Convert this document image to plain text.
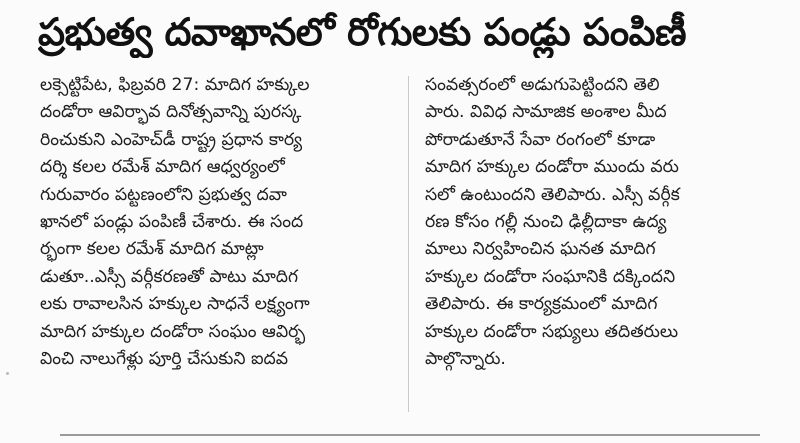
ప్రభుత్వ దవాఖానలో రోగులకు పండ్లు పంపిణీ
లక్సెట్టిపేట, ఫిబ్రవరి 27: మాదిగ హక్కుల
దండోరా ఆవిర్భావ దినోత్సవాన్ని పురస్క
రించుకుని ఎంహెచ్‌డీ రాష్ట్ర ప్రధాన కార్య
దర్శి కలల రమేశ్ మాదిగ ఆధ్వర్యంలో
గురువారం పట్టణంలోని ప్రభుత్వ దవా
ఖానలో పండ్లు పంపిణీ చేశారు. ఈ సంద
ర్భంగా కలల రమేశ్ మాదిగ మాట్లా
డుతూ..ఎస్సీ వర్గీకరణతో పాటు మాదిగ
లకు రావాలసిన హక్కుల సాధనే లక్ష్యంగా
మాదిగ హక్కుల దండోరా సంఘం ఆవిర్భ
వించి నాలుగేళ్లు పూర్తి చేసుకుని ఐదవ
సంవత్సరంలో అడుగుపెట్టిందని తెలి
పారు. వివిధ సామాజిక అంశాల మీద
పోరాడుతూనే సేవా రంగంలో కూడా
మాదిగ హక్కుల దండోరా ముందు వరు
సలో ఉంటుందని తెలిపారు. ఎస్సీ వర్గీక
రణ కోసం గల్లీ నుంచి ఢిల్లీదాకా ఉద్య
మాలు నిర్వహించిన ఘనత మాదిగ
హక్కుల దండోరా సంఘానికి దక్కిందని
తెలిపారు. ఈ కార్యక్రమంలో మాదిగ
హక్కుల దండోరా సభ్యులు తదితరులు
పాల్గొన్నారు.
